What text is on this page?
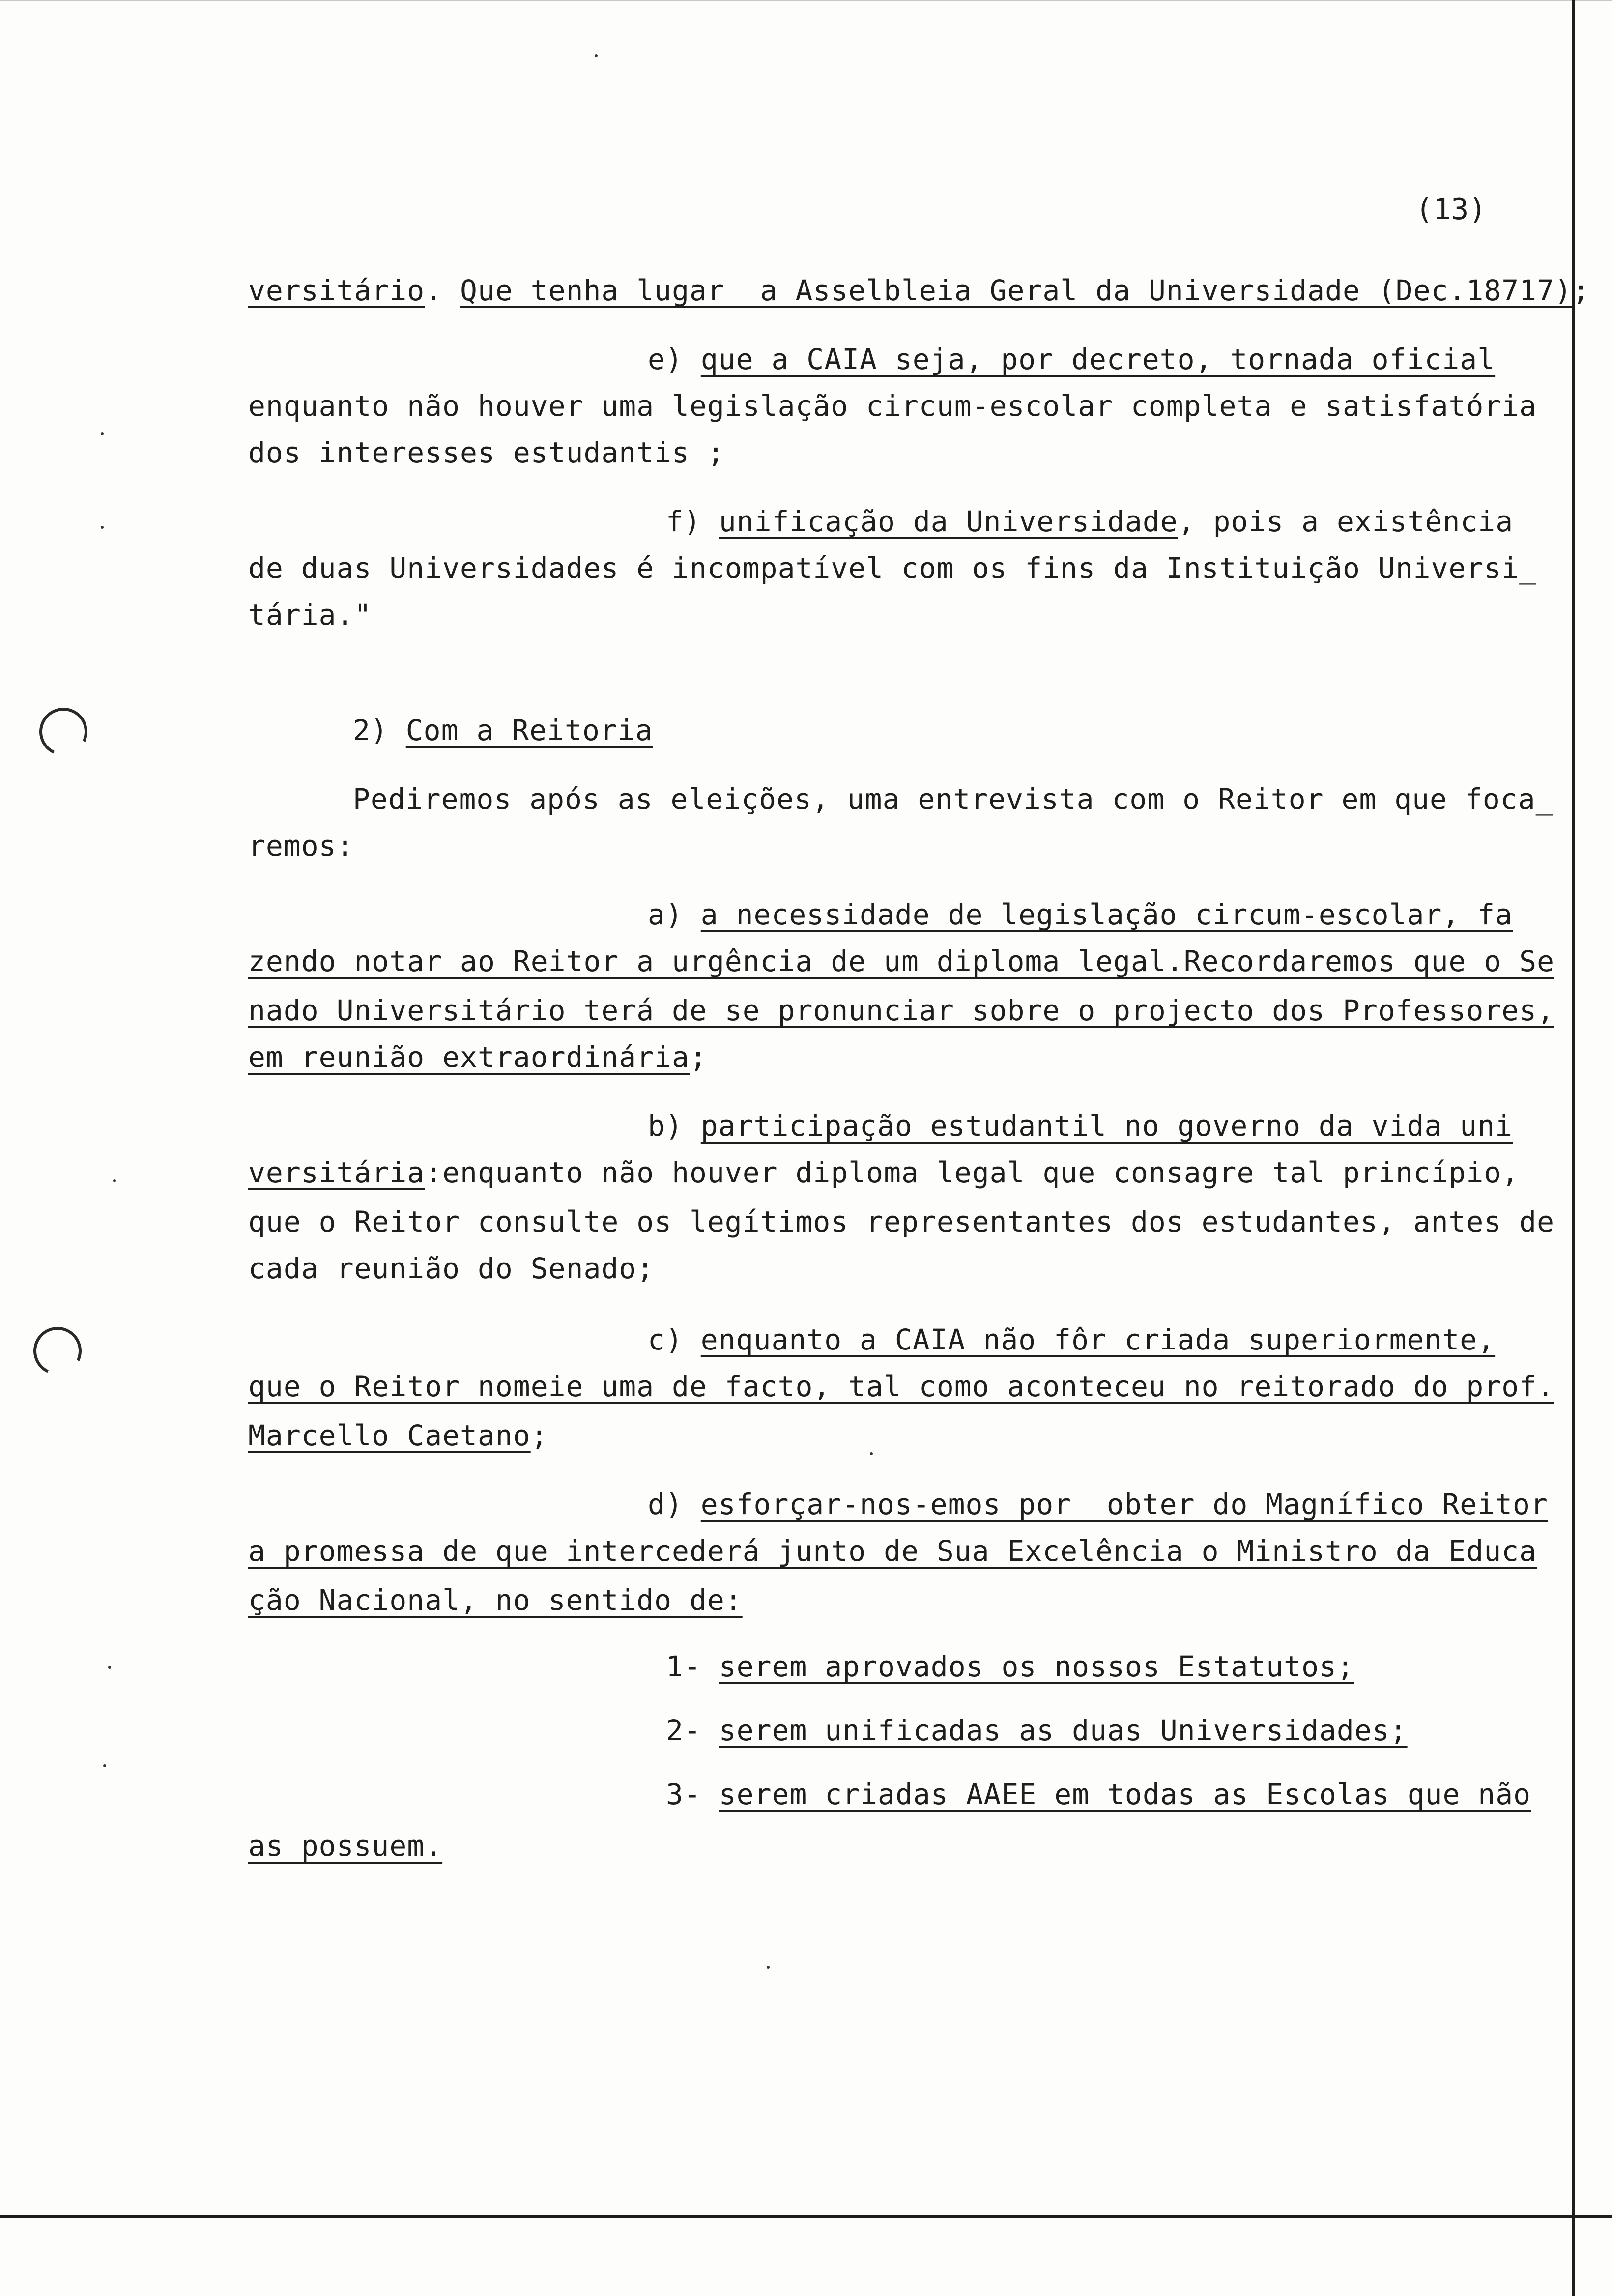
(13)
versitário. Que tenha lugar  a Asselbleia Geral da Universidade (Dec.18717);
e) que a CAIA seja, por decreto, tornada oficial
enquanto não houver uma legislação circum-escolar completa e satisfatória
dos interesses estudantis ;
f) unificação da Universidade, pois a existência
de duas Universidades é incompatível com os fins da Instituição Universi_
tária."
2) Com a Reitoria
Pediremos após as eleições, uma entrevista com o Reitor em que foca_
remos:
a) a necessidade de legislação circum-escolar, fa
zendo notar ao Reitor a urgência de um diploma legal.Recordaremos que o Se
nado Universitário terá de se pronunciar sobre o projecto dos Professores,
em reunião extraordinária;
b) participação estudantil no governo da vida uni
versitária:enquanto não houver diploma legal que consagre tal princípio,
que o Reitor consulte os legítimos representantes dos estudantes, antes de
cada reunião do Senado;
c) enquanto a CAIA não fôr criada superiormente,
que o Reitor nomeie uma de facto, tal como aconteceu no reitorado do prof.
Marcello Caetano;
d) esforçar-nos-emos por  obter do Magnífico Reitor
a promessa de que intercederá junto de Sua Excelência o Ministro da Educa
ção Nacional, no sentido de:
1- serem aprovados os nossos Estatutos;
2- serem unificadas as duas Universidades;
3- serem criadas AAEE em todas as Escolas que não
as possuem.
